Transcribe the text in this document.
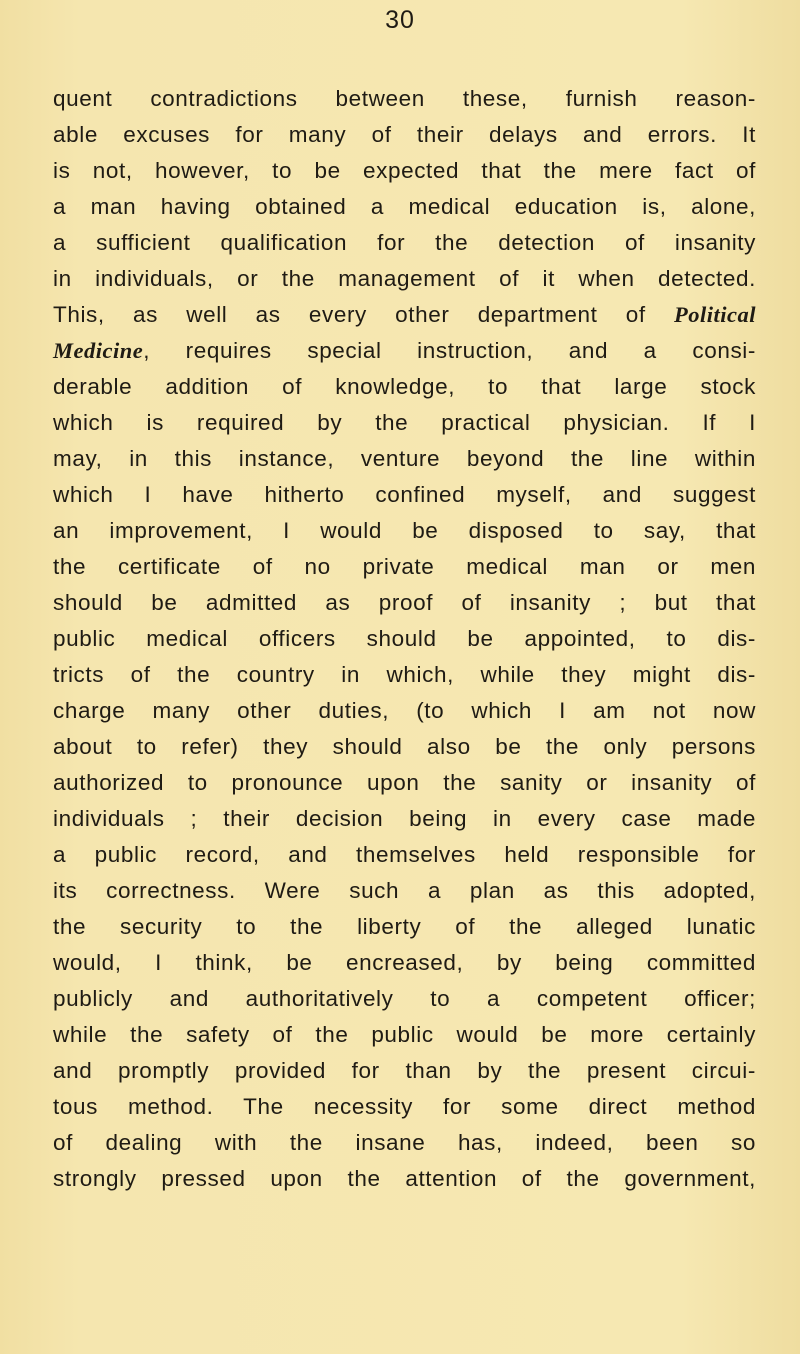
30

quent contradictions between these, furnish reason-

able excuses for many of their delays and errors. It

is not, however, to be expected that the mere fact of

a man having obtained a medical education is, alone,

a sufficient qualification for the detection of insanity

in individuals, or the management of it when detected.

This, as well as every other department of Political

Medicine, requires special instruction, and a consi-

derable addition of knowledge, to that large stock

which is required by the practical physician. If I

may, in this instance, venture beyond the line within

which I have hitherto confined myself, and suggest

an improvement, I would be disposed to say, that

the certificate of no private medical man or men

should be admitted as proof of insanity ; but that

public medical officers should be appointed, to dis-

tricts of the country in which, while they might dis-

charge many other duties, (to which I am not now

about to refer) they should also be the only persons

authorized to pronounce upon the sanity or insanity of

individuals ; their decision being in every case made

a public record, and themselves held responsible for

its correctness. Were such a plan as this adopted,

the security to the liberty of the alleged lunatic

would, I think, be encreased, by being committed

publicly and authoritatively to a competent officer;

while the safety of the public would be more certainly

and promptly provided for than by the present circui-

tous method. The necessity for some direct method

of dealing with the insane has, indeed, been so

strongly pressed upon the attention of the government,
